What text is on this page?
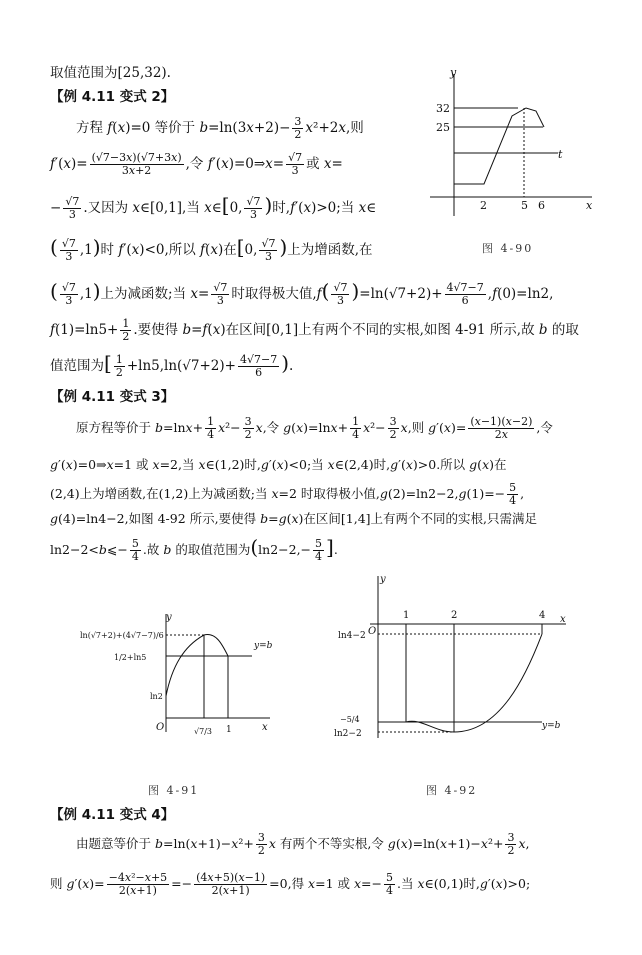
取值范围为[25,32).
【例 4.11 变式 2】
方程 f(x)=0 等价于 $b=\ln(3x+2)- \frac{3}{2} x^2+2x$,则
$f'(x)= \frac{(√7-3x)(√7+3x)}{3x+2}$ ,令 f′(x)=0⇒x= $\frac{√7}{3}$ 或 x=
− $\frac{√7}{3}$ .又因为 x∈[0,1],当 x∈[0, $\frac{√7}{3}$ )时,f′(x)>0;当 x∈
( $\frac{√7}{3} ,1$)时 f′(x)<0,所以 f(x)在[0, $\frac{√7}{3}$ )上为增函数,在
( $\frac{√7}{3} ,1$)上为减函数;当 $x= \frac{√7}{3}$ 时取得极大值$,f( \frac{√7}{3} )=\ln(√7+2)+ \frac{4√7-7}{6} ,f(0)=\ln 2$,
$f(1)=\ln 5+ \frac{1}{2}$ .要使得 b=f(x)在区间[0,1]上有两个不同的实根,如图 4-91 所示,故 b 的取
值范围为[ $\frac{1}{2} +\ln 5,\ln(√7+2)+ \frac{4√7-7}{6}$ ).
【例 4.11 变式 3】
原方程等价于 $b=\ln x+ \frac{1}{4} x^2- \frac{3}{2} x$,令 $g(x)=\ln x+ \frac{1}{4} x^2- \frac{3}{2} x$,则 $g'(x)= \frac{(x-1)(x-2)}{2x}$ ,令
g′(x)=0⇒x=1 或 x=2,当 x∈(1,2)时,g′(x)<0;当 x∈(2,4)时,g′(x)>0.所以 g(x)在
(2,4)上为增函数,在(1,2)上为减函数;当 x=2 时取得极小值$,g(2)=\ln 2-2,g(1)=- \frac{5}{4}$ ,
g(4)=ln4−2,如图 4-92 所示,要使得 b=g(x)在区间[1,4]上有两个不同的实根,只需满足
ln2−2<b⩽− $\frac{5}{4}$ .故 b 的取值范围为($\ln 2-2,- \frac{5}{4}$ ].
【例 4.11 变式 4】
由题意等价于 $b=\ln(x+1)-x^2+ \frac{3}{2}$ x 有两个不等实根,令 $g(x)=\ln(x+1)-x^2+ \frac{3}{2} x$,
则 $g'(x)= \frac{\text{−4x²−x+5}}{2(x+1)} =- \frac{(4x+5)(x-1)}{2(x+1)} =0$,得 x=1 或 $x=- \frac{5}{4}$ .当 x∈(0,1)时,g′(x)>0;
y
x
t
32
25
2	5 6
图 4-90
y
x
O
y=b
ln(√7+2)+(4√7−7)/6
1/2+ln5
ln2
√7/3 1
图 4-91
y
x
O
y=b
ln4−2
−5/4
ln2−2
1	2	4
图 4-92
